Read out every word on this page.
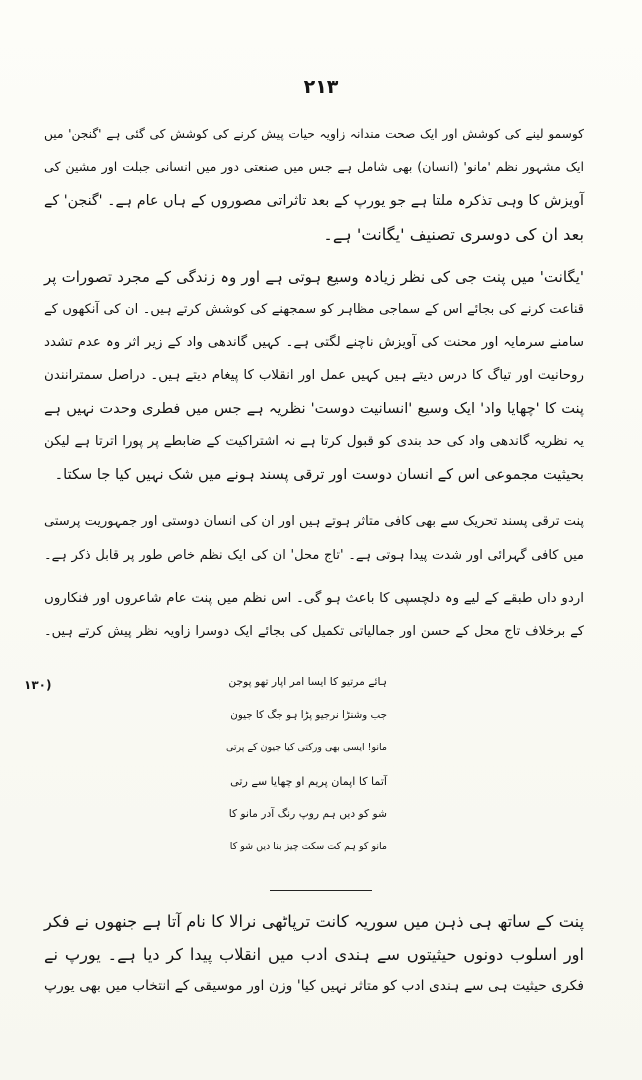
۲۱۳
کوسمو لینے کی کوشش اور ایک صحت مندانہ زاویہ حیات پیش کرنے کی کوشش کی گئی ہے 'گنجن' میں
ایک مشہور نظم 'مانو' (انسان) بھی شامل ہے جس میں صنعتی دور میں انسانی جبلت اور مشین کی
آویزش کا وہی تذکرہ ملتا ہے جو یورپ کے بعد تاثراتی مصوروں کے ہاں عام ہے۔ 'گنجن' کے
بعد ان کی دوسری تصنیف 'یگانت' ہے۔
'یگانت' میں پنت جی کی نظر زیادہ وسیع ہوتی ہے اور وہ زندگی کے مجرد تصورات پر
قناعت کرنے کی بجائے اس کے سماجی مظاہر کو سمجھنے کی کوشش کرتے ہیں۔ ان کی آنکھوں کے
سامنے سرمایہ اور محنت کی آویزش ناچنے لگتی ہے۔ کہیں گاندھی واد کے زیر اثر وہ عدم تشدد
روحانیت اور تیاگ کا درس دیتے ہیں کہیں عمل اور انقلاب کا پیغام دیتے ہیں۔ دراصل سمترانندن
پنت کا 'چھایا واد' ایک وسیع 'انسانیت دوست' نظریہ ہے جس میں فطری وحدت نہیں ہے
یہ نظریہ گاندھی واد کی حد بندی کو قبول کرتا ہے نہ اشتراکیت کے ضابطے پر پورا اترتا ہے لیکن
بحیثیت مجموعی اس کے انسان دوست اور ترقی پسند ہونے میں شک نہیں کیا جا سکتا۔
پنت ترقی پسند تحریک سے بھی کافی متاثر ہوتے ہیں اور ان کی انسان دوستی اور جمہوریت پرستی
میں کافی گہرائی اور شدت پیدا ہوتی ہے۔ 'تاج محل' ان کی ایک نظم خاص طور پر قابل ذکر ہے۔
اردو داں طبقے کے لیے وہ دلچسپی کا باعث ہو گی۔ اس نظم میں پنت عام شاعروں اور فنکاروں
کے برخلاف تاج محل کے حسن اور جمالیاتی تکمیل کی بجائے ایک دوسرا زاویہ نظر پیش کرتے ہیں۔
(۱۳۰	ہائے مرتیو کا ایسا امر اپار تھو پوجن
جب وشنڑا نرجیو پڑا ہو جگ کا جیون
مانو! ایسی بھی ورکتی کیا جیون کے پرتی
آتما کا اپمان پریم او چھایا سے رتی
شو کو دیں ہم روپ رنگ آدر مانو کا
مانو کو ہم کت سکت چیز بنا دیں شو کا
پنت کے ساتھ ہی ذہن میں سوریہ کانت ترپاٹھی نرالا کا نام آتا ہے جنھوں نے فکر
اور اسلوب دونوں حیثیتوں سے ہندی ادب میں انقلاب پیدا کر دیا ہے۔ یورپ نے
فکری حیثیت ہی سے ہندی ادب کو متاثر نہیں کیا' وزن اور موسیقی کے انتخاب میں بھی یورپ
